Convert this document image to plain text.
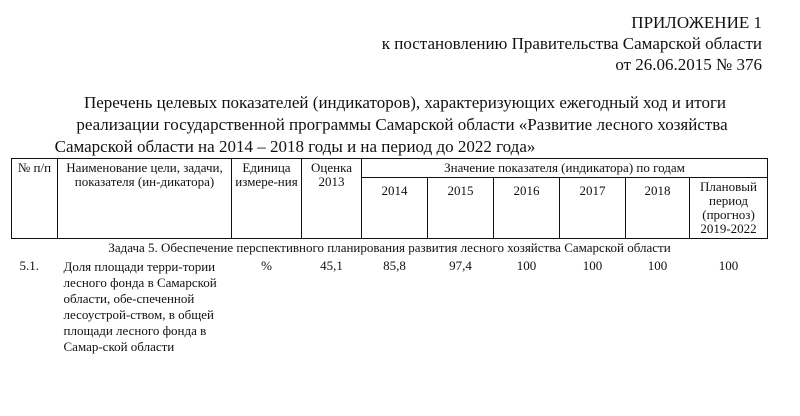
ПРИЛОЖЕНИЕ 1
к постановлению Правительства Самарской области
от 26.06.2015 № 376
Перечень целевых показателей (индикаторов), характеризующих ежегодный ход и итоги
реализации государственной программы Самарской области «Развитие лесного хозяйства
Самарской области на 2014 – 2018 годы и на период до 2022 года»
№ п/п	Наименование цели, задачи, показателя (ин-дикатора)	Единица измере-ния	Оценка 2013	Значение показателя (индикатора) по годам					
				2014	2015	2016	2017	2018	Плановый период (прогноз) 2019-2022
Задача 5. Обеспечение перспективного планирования развития лесного хозяйства Самарской области									
5.1.	Доля площади терри-тории лесного фонда в Самарской области, обе-спеченной лесоустрой-ством, в общей площади лесного фонда в Самар-ской области	%	45,1	85,8	97,4	100	100	100	100
